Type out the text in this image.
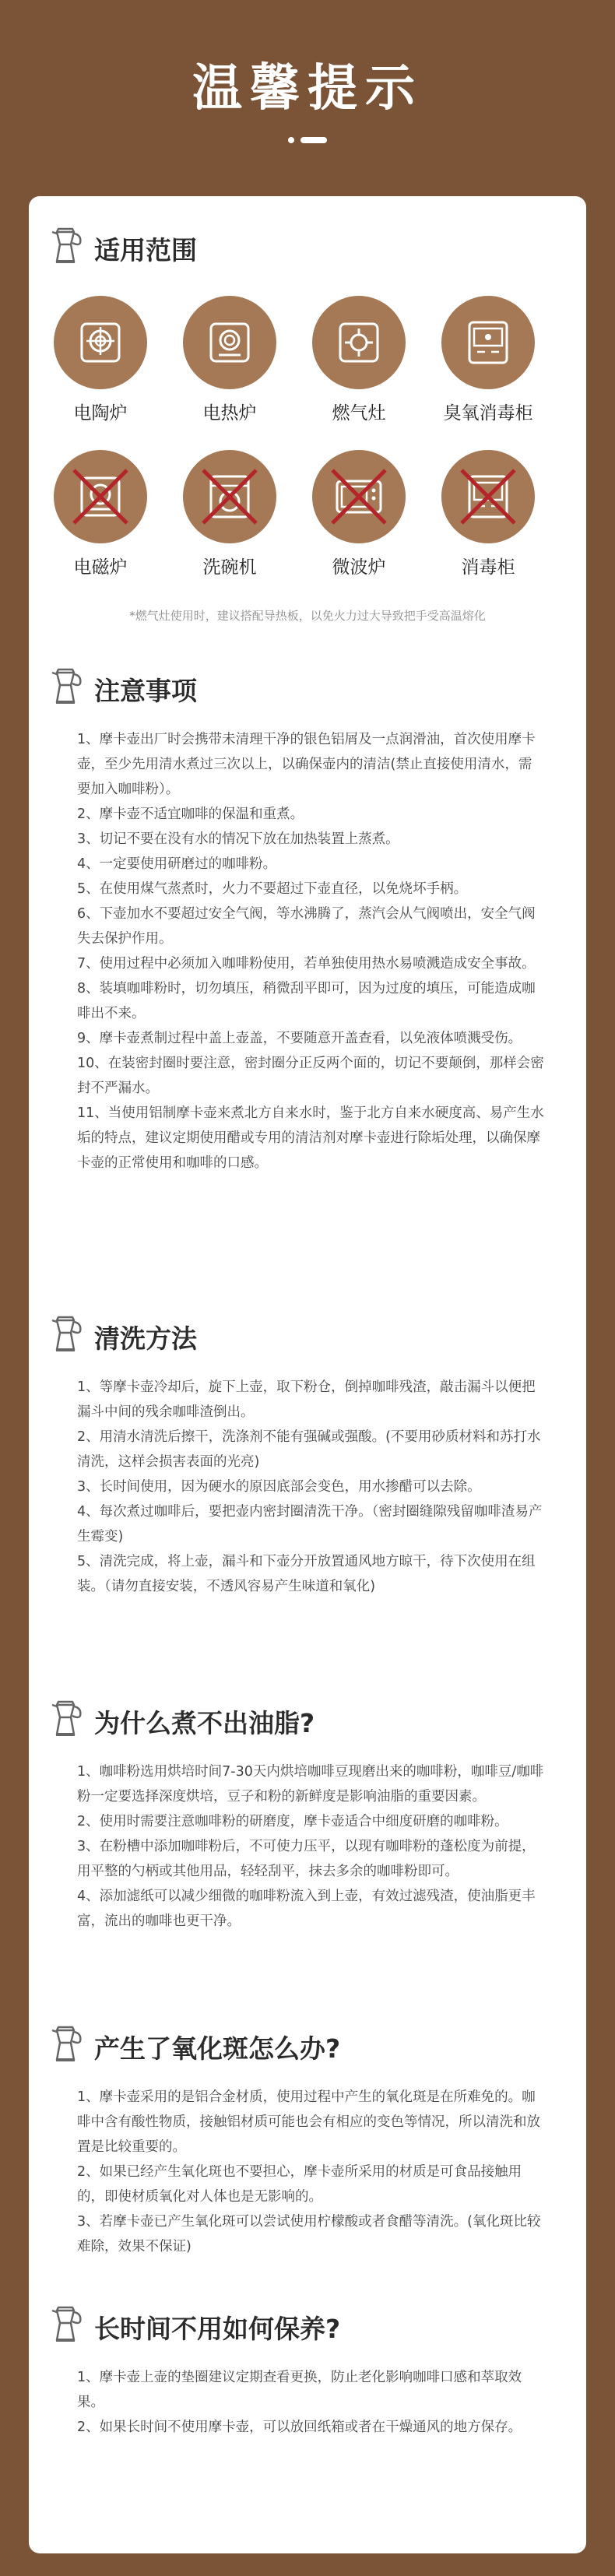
温馨提示
适用范围
电陶炉	电热炉	燃气灶	臭氧消毒柜
电磁炉	洗碗机	微波炉	消毒柜
*燃气灶使用时，建议搭配导热板，以免火力过大导致把手受高温熔化
注意事项

1、摩卡壶出厂时会携带未清理干净的银色铝屑及一点润滑油，首次使用摩卡壶，至少先用清水煮过三次以上，以确保壶内的清洁(禁止直接使用清水，需要加入咖啡粉）。

2、摩卡壶不适宜咖啡的保温和重煮。

3、切记不要在没有水的情况下放在加热装置上蒸煮。

4、一定要使用研磨过的咖啡粉。

5、在使用煤气蒸煮时，火力不要超过下壶直径，以免烧坏手柄。

6、下壶加水不要超过安全气阀，等水沸腾了，蒸汽会从气阀喷出，安全气阀失去保护作用。

7、使用过程中必须加入咖啡粉使用，若单独使用热水易喷溅造成安全事故。

8、装填咖啡粉时，切勿填压，稍微刮平即可，因为过度的填压，可能造成咖啡出不来。

9、摩卡壶煮制过程中盖上壶盖，不要随意开盖查看，以免液体喷溅受伤。

10、在装密封圈时要注意，密封圈分正反两个面的，切记不要颠倒，那样会密封不严漏水。

11、当使用铝制摩卡壶来煮北方自来水时，鉴于北方自来水硬度高、易产生水垢的特点，建议定期使用醋或专用的清洁剂对摩卡壶进行除垢处理，以确保摩卡壶的正常使用和咖啡的口感。

清洗方法

1、等摩卡壶冷却后，旋下上壶，取下粉仓，倒掉咖啡残渣，敲击漏斗以便把漏斗中间的残余咖啡渣倒出。

2、用清水清洗后擦干，洗涤剂不能有强碱或强酸。(不要用砂质材料和苏打水清洗，这样会损害表面的光亮)

3、长时间使用，因为硬水的原因底部会变色，用水掺醋可以去除。

4、每次煮过咖啡后，要把壶内密封圈清洗干净。（密封圈缝隙残留咖啡渣易产生霉变)

5、清洗完成，将上壶，漏斗和下壶分开放置通风地方晾干，待下次使用在组装。（请勿直接安装，不透风容易产生味道和氧化)

为什么煮不出油脂?

1、咖啡粉选用烘培时间7-30天内烘培咖啡豆现磨出来的咖啡粉，咖啡豆/咖啡粉一定要选择深度烘培，豆子和粉的新鲜度是影响油脂的重要因素。

2、使用时需要注意咖啡粉的研磨度，摩卡壶适合中细度研磨的咖啡粉。

3、在粉槽中添加咖啡粉后，不可使力压平，以现有咖啡粉的蓬松度为前提，用平整的勺柄或其他用品，轻轻刮平，抹去多余的咖啡粉即可。

4、添加滤纸可以减少细微的咖啡粉流入到上壶，有效过滤残渣，使油脂更丰富，流出的咖啡也更干净。

产生了氧化斑怎么办?

1、摩卡壶采用的是铝合金材质，使用过程中产生的氧化斑是在所难免的。咖啡中含有酸性物质，接触铝材质可能也会有相应的变色等情况，所以清洗和放置是比较重要的。

2、如果已经产生氧化斑也不要担心，摩卡壶所采用的材质是可食品接触用的，即使材质氧化对人体也是无影响的。

3、若摩卡壶已产生氧化斑可以尝试使用柠檬酸或者食醋等清洗。(氧化斑比较难除，效果不保证)

长时间不用如何保养?

1、摩卡壶上壶的垫圈建议定期查看更换，防止老化影响咖啡口感和萃取效果。

2、如果长时间不使用摩卡壶，可以放回纸箱或者在干燥通风的地方保存。
